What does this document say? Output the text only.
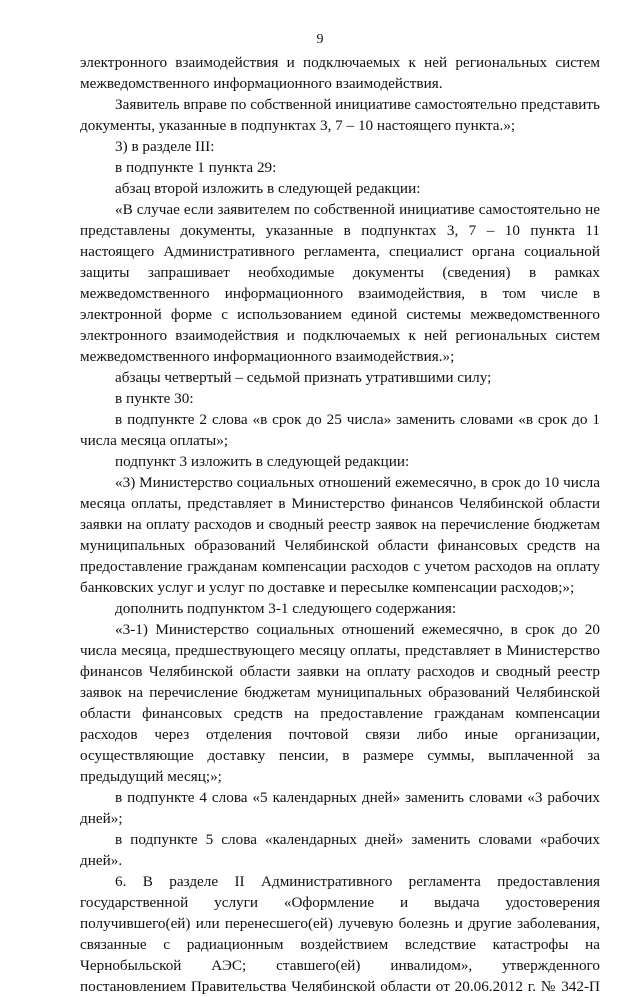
9

электронного взаимодействия и подключаемых к ней региональных систем межведомственного информационного взаимодействия.

Заявитель вправе по собственной инициативе самостоятельно представить документы, указанные в подпунктах 3, 7 – 10 настоящего пункта.»;

3) в разделе III:

в подпункте 1 пункта 29:

абзац второй изложить в следующей редакции:

«В случае если заявителем по собственной инициативе самостоятельно не представлены документы, указанные в подпунктах 3, 7 – 10 пункта 11 настоящего Административного регламента, специалист органа социальной защиты запрашивает необходимые документы (сведения) в рамках межведомственного информационного взаимодействия, в том числе в электронной форме с использованием единой системы межведомственного электронного взаимодействия и подключаемых к ней региональных систем межведомственного информационного взаимодействия.»;

абзацы четвертый – седьмой признать утратившими силу;

в пункте 30:

в подпункте 2 слова «в срок до 25 числа» заменить словами «в срок до 1 числа месяца оплаты»;

подпункт 3 изложить в следующей редакции:

«3) Министерство социальных отношений ежемесячно, в срок до 10 числа месяца оплаты, представляет в Министерство финансов Челябинской области заявки на оплату расходов и сводный реестр заявок на перечисление бюджетам муниципальных образований Челябинской области финансовых средств на предоставление гражданам компенсации расходов с учетом расходов на оплату банковских услуг и услуг по доставке и пересылке компенсации расходов;»;

дополнить подпунктом 3-1 следующего содержания:

«3-1) Министерство социальных отношений ежемесячно, в срок до 20 числа месяца, предшествующего месяцу оплаты, представляет в Министерство финансов Челябинской области заявки на оплату расходов и сводный реестр заявок на перечисление бюджетам муниципальных образований Челябинской области финансовых средств на предоставление гражданам компенсации расходов через отделения почтовой связи либо иные организации, осуществляющие доставку пенсии, в размере суммы, выплаченной за предыдущий месяц;»;

в подпункте 4 слова «5 календарных дней» заменить словами «3 рабочих дней»;

в подпункте 5 слова «календарных дней» заменить словами «рабочих дней».

6. В разделе II Административного регламента предоставления государственной услуги «Оформление и выдача удостоверения получившего(ей) или перенесшего(ей) лучевую болезнь и другие заболевания, связанные с радиационным воздействием вследствие катастрофы на Чернобыльской АЭС; ставшего(ей) инвалидом», утвержденного постановлением Правительства Челябинской области от 20.06.2012 г. № 342-П
